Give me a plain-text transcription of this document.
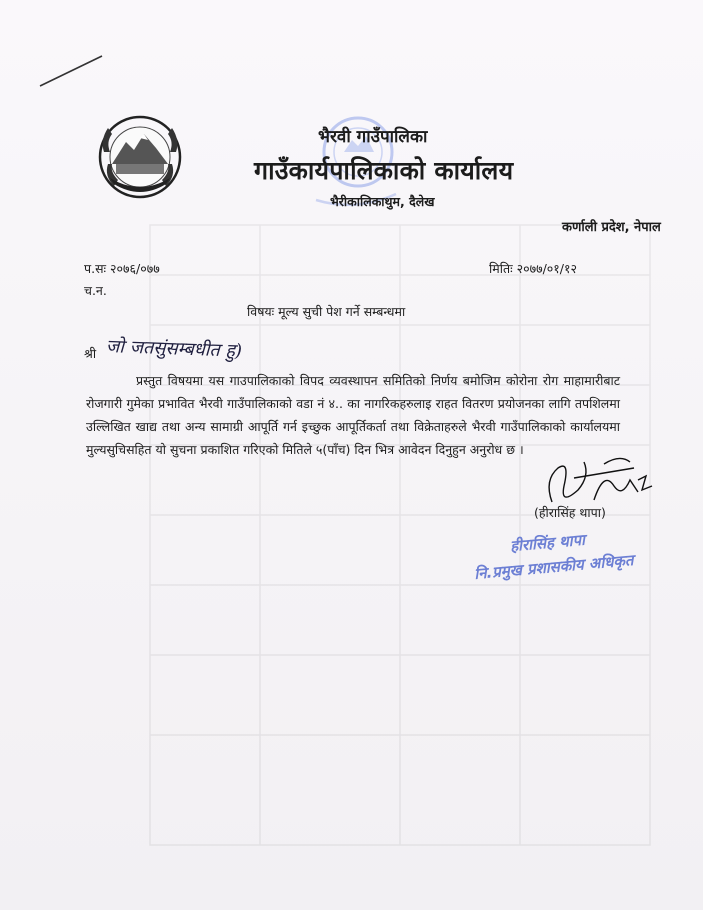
भैरवी गाउँपालिका
गाउँकार्यपालिकाको कार्यालय
भैरीकालिकाथुम, दैलेख
कर्णाली प्रदेश, नेपाल
प.सः २०७६/०७७	मितिः २०७७/०१/१२
च.न.
विषयः मूल्य सुची पेश गर्ने सम्बन्धमा
श्री जो जतसुंसम्बधीत हु)
प्रस्तुत विषयमा यस गाउपालिकाको विपद व्यवस्थापन समितिको निर्णय बमोजिम कोरोना रोग माहामारीबाट रोजगारी गुमेका प्रभावित भैरवी गाउँपालिकाको वडा नं ४.. का नागरिकहरुलाइ राहत वितरण प्रयोजनका लागि तपशिलमा उल्लिखित खाद्य तथा अन्य सामाग्री आपूर्ति गर्न इच्छुक आपूर्तिकर्ता तथा विक्रेताहरुले भैरवी गाउँपालिकाको कार्यालयमा मुल्यसुचिसहित यो सुचना प्रकाशित गरिएको मितिले ५(पाँच) दिन भित्र आवेदन दिनुहुन अनुरोध छ ।
(हीरासिंह थापा)
हीरासिंह थापा
नि.प्रमुख प्रशासकीय अधिकृत
